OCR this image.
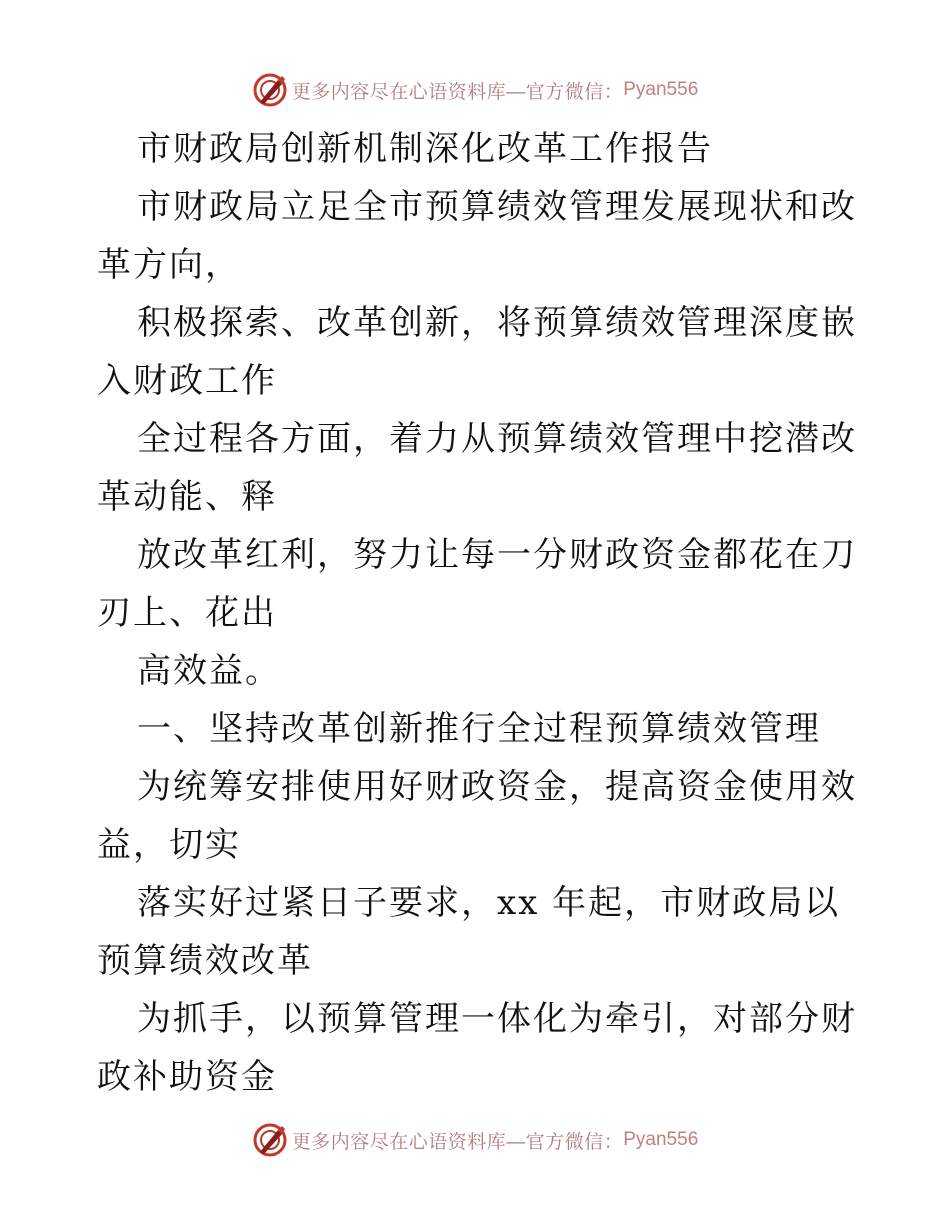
更多内容尽在心语资料库—官方微信： Pyan556

市财政局创新机制深化改革工作报告

市财政局立足全市预算绩效管理发展现状和改革方向，

积极探索、改革创新，将预算绩效管理深度嵌入财政工作

全过程各方面，着力从预算绩效管理中挖潜改革动能、释

放改革红利，努力让每一分财政资金都花在刀刃上、花出

高效益。

一、坚持改革创新推行全过程预算绩效管理

为统筹安排使用好财政资金，提高资金使用效益，切实

落实好过紧日子要求，xx 年起，市财政局以预算绩效改革

为抓手，以预算管理一体化为牵引，对部分财政补助资金

更多内容尽在心语资料库—官方微信： Pyan556
